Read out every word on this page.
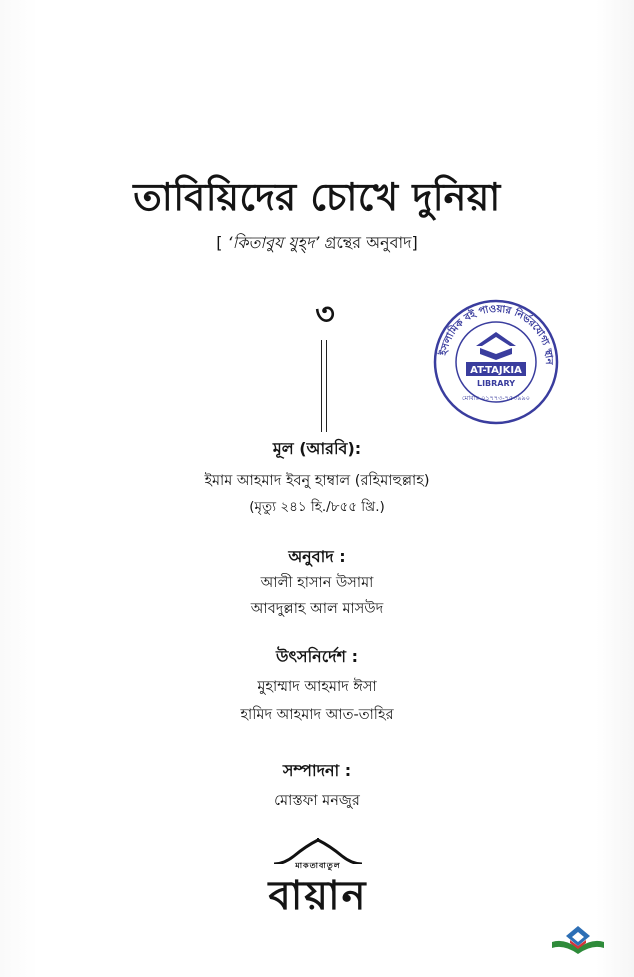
তাবিয়িদের চোখে দুনিয়া
[ ‘কিতাবুয যুহ্‌দ’ গ্রন্থের অনুবাদ]
৩
ইসলামিক বই পাওয়ার নির্ভরযোগ্য স্থান
AT-TAJKIA
LIBRARY
মোবাঃ ০১৭৭৩-৭৫৩৯৯০
মূল (আরবি):
ইমাম আহমাদ ইবনু হাম্বাল (রহিমাহুল্লাহ)
(মৃত্যু ২৪১ হি./৮৫৫ খ্রি.)
অনুবাদ :
আলী হাসান উসামা
আবদুল্লাহ আল মাসউদ
উৎসনির্দেশ :
মুহাম্মাদ আহমাদ ঈসা
হামিদ আহমাদ আত-তাহির
সম্পাদনা :
মোস্তফা মনজুর
মাকতাবাতুল
বায়ান
